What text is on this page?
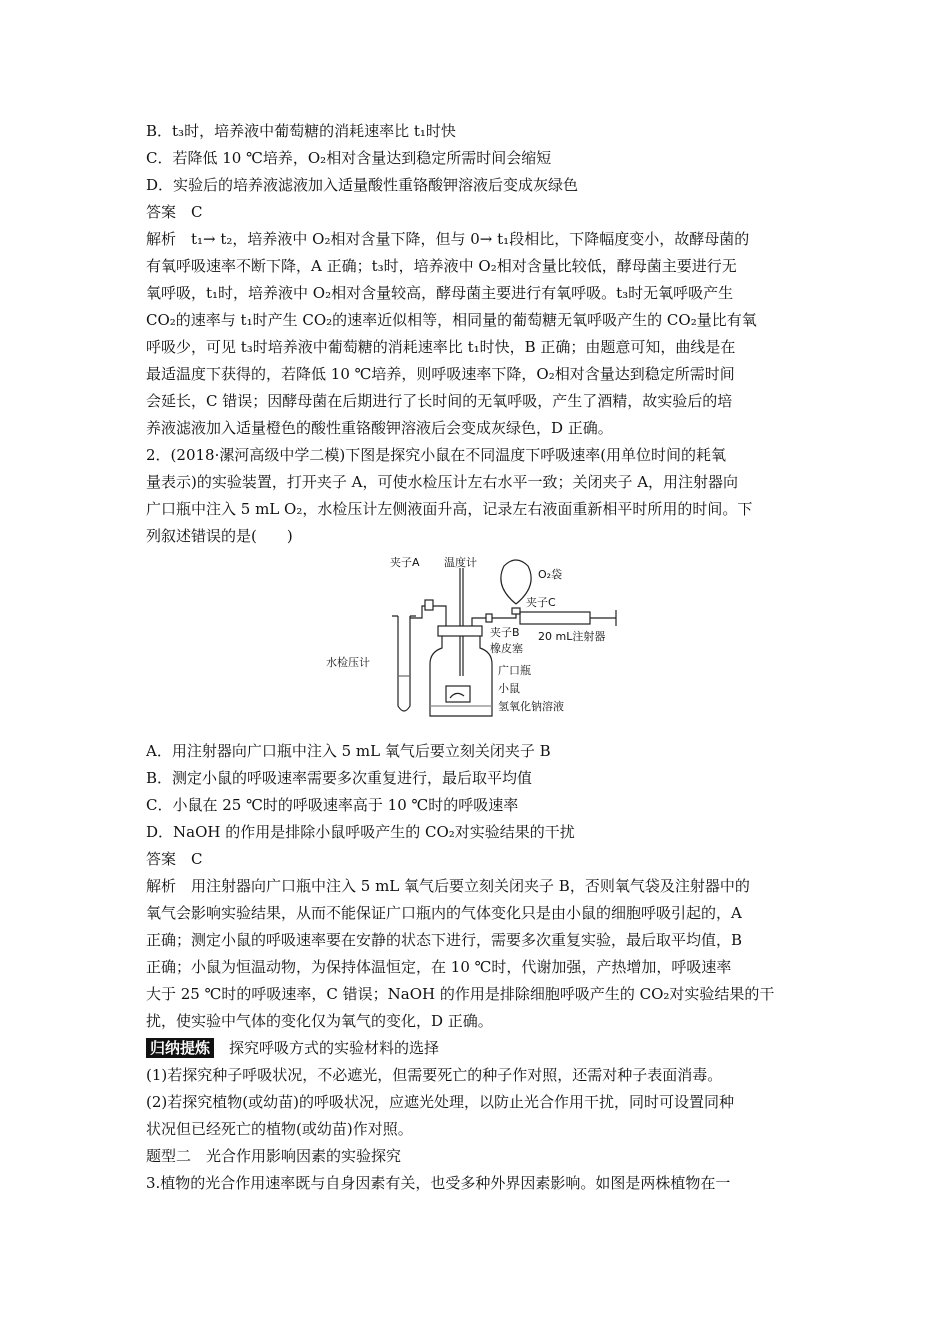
B．t₃时，培养液中葡萄糖的消耗速率比 t₁时快
C．若降低 10 ℃培养，O₂相对含量达到稳定所需时间会缩短
D．实验后的培养液滤液加入适量酸性重铬酸钾溶液后变成灰绿色
答案　C
解析　t₁→ t₂，培养液中 O₂相对含量下降，但与 0→ t₁段相比，下降幅度变小，故酵母菌的
有氧呼吸速率不断下降，A 正确；t₃时，培养液中 O₂相对含量比较低，酵母菌主要进行无
氧呼吸，t₁时，培养液中 O₂相对含量较高，酵母菌主要进行有氧呼吸。t₃时无氧呼吸产生
CO₂的速率与 t₁时产生 CO₂的速率近似相等，相同量的葡萄糖无氧呼吸产生的 CO₂量比有氧
呼吸少，可见 t₃时培养液中葡萄糖的消耗速率比 t₁时快，B 正确；由题意可知，曲线是在
最适温度下获得的，若降低 10 ℃培养，则呼吸速率下降，O₂相对含量达到稳定所需时间
会延长，C 错误；因酵母菌在后期进行了长时间的无氧呼吸，产生了酒精，故实验后的培
养液滤液加入适量橙色的酸性重铬酸钾溶液后会变成灰绿色，D 正确。
2．(2018·漯河高级中学二模)下图是探究小鼠在不同温度下呼吸速率(用单位时间的耗氧
量表示)的实验装置，打开夹子 A，可使水检压计左右水平一致；关闭夹子 A，用注射器向
广口瓶中注入 5 mL O₂，水检压计左侧液面升高，记录左右液面重新相平时所用的时间。下
列叙述错误的是(　　)
夹子A 温度计
O₂袋
夹子C
夹子B 20 mL注射器
橡皮塞
水检压计
广口瓶
小鼠
氢氧化钠溶液
A．用注射器向广口瓶中注入 5 mL 氧气后要立刻关闭夹子 B
B．测定小鼠的呼吸速率需要多次重复进行，最后取平均值
C．小鼠在 25 ℃时的呼吸速率高于 10 ℃时的呼吸速率
D．NaOH 的作用是排除小鼠呼吸产生的 CO₂对实验结果的干扰
答案　C
解析　用注射器向广口瓶中注入 5 mL 氧气后要立刻关闭夹子 B，否则氧气袋及注射器中的
氧气会影响实验结果，从而不能保证广口瓶内的气体变化只是由小鼠的细胞呼吸引起的，A
正确；测定小鼠的呼吸速率要在安静的状态下进行，需要多次重复实验，最后取平均值，B
正确；小鼠为恒温动物，为保持体温恒定，在 10 ℃时，代谢加强，产热增加，呼吸速率
大于 25 ℃时的呼吸速率，C 错误；NaOH 的作用是排除细胞呼吸产生的 CO₂对实验结果的干
扰，使实验中气体的变化仅为氧气的变化，D 正确。
归纳提炼　探究呼吸方式的实验材料的选择
(1)若探究种子呼吸状况，不必遮光，但需要死亡的种子作对照，还需对种子表面消毒。
(2)若探究植物(或幼苗)的呼吸状况，应遮光处理，以防止光合作用干扰，同时可设置同种
状况但已经死亡的植物(或幼苗)作对照。
题型二　光合作用影响因素的实验探究
3.植物的光合作用速率既与自身因素有关，也受多种外界因素影响。如图是两株植物在一
